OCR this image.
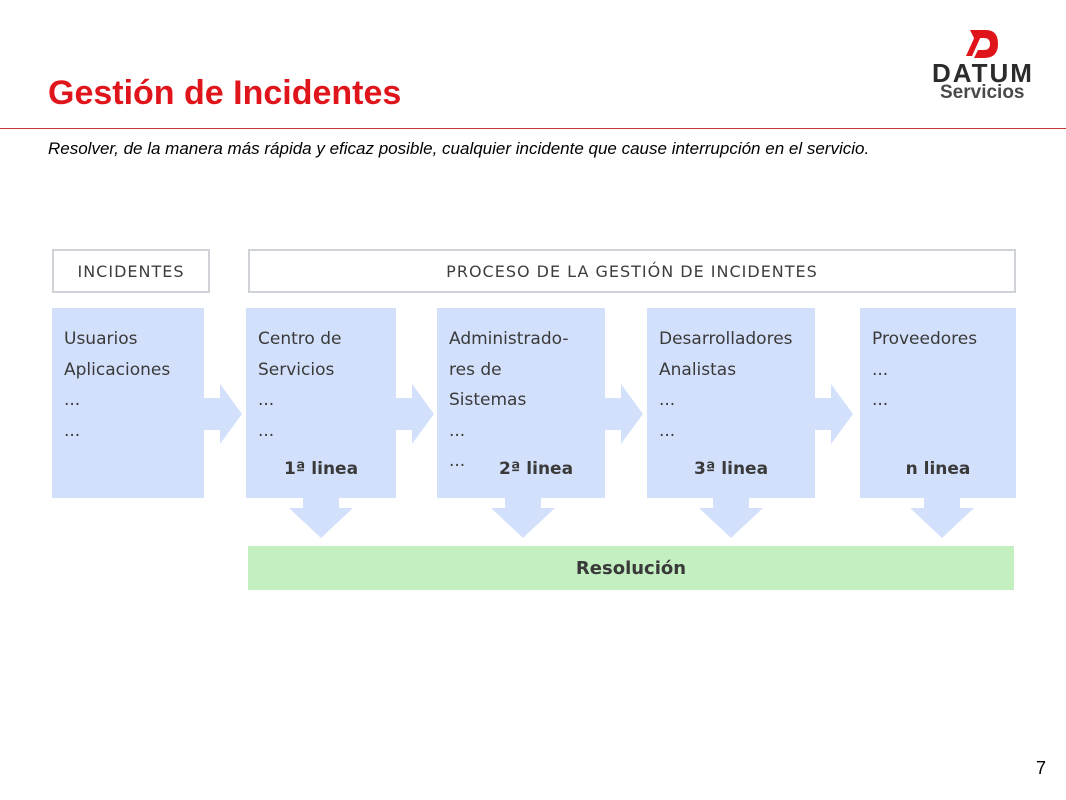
Gestión de Incidentes
DATUM
Servicios
Resolver, de la manera más rápida y eficaz posible, cualquier incidente que cause interrupción en el servicio.
INCIDENTES	PROCESO DE LA GESTIÓN DE INCIDENTES
Usuarios
Aplicaciones
...
...
Centro de
Servicios
...
...
1ª linea
Administrado-
res de
Sistemas
...
...	2ª linea
Desarrolladores
Analistas
...
...
3ª linea
Proveedores
...
...
n linea
Resolución
7
